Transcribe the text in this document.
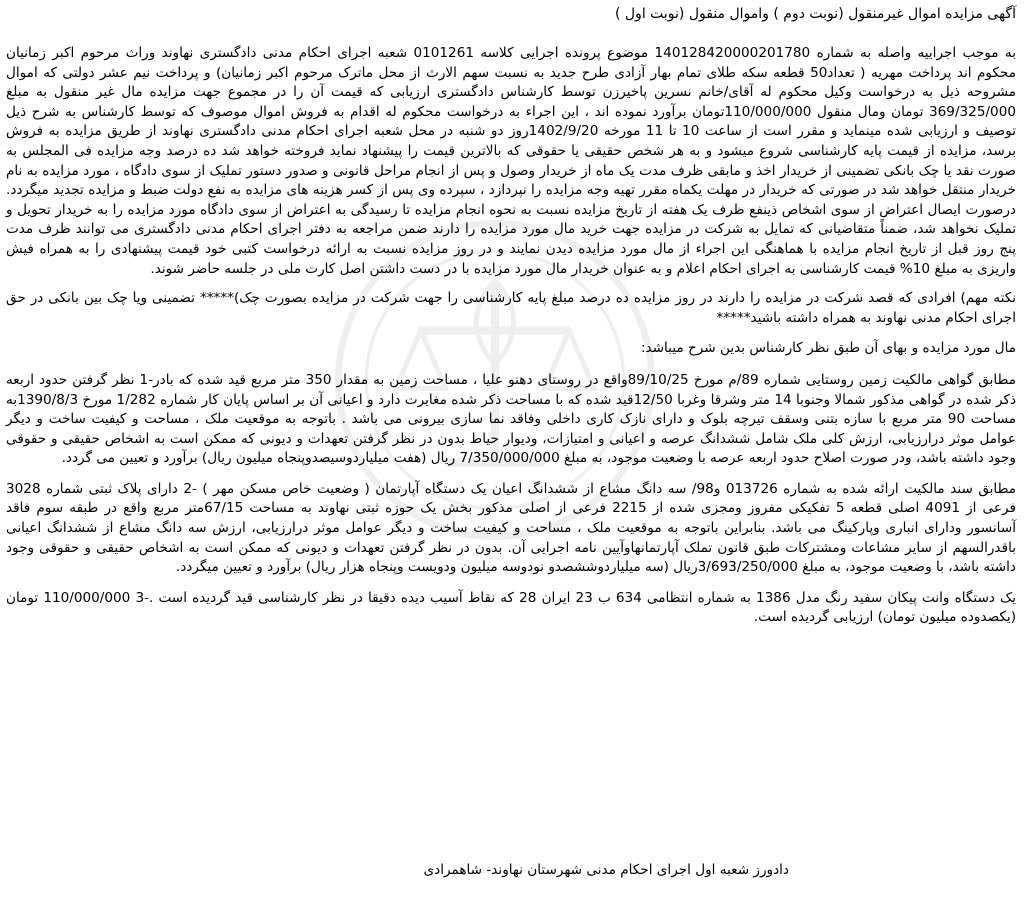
آگهی مزایده اموال غیرمنقول (نوبت دوم ) واموال منقول (نوبت اول )

به موجب اجراییه واصله به شماره 140128420000201780 موضوع پرونده اجرایی کلاسه 0101261 شعبه اجرای احکام مدنی دادگستری نهاوند وراث مرحوم اکبر زمانیان محکوم اند پرداخت مهریه ( تعداد50 قطعه سکه طلای تمام بهار آزادی طرح جدید به نسبت سهم الارث از محل ماترک مرحوم اکبر زمانیان) و پرداخت نیم عشر دولتی که اموال مشروحه ذیل به درخواست وکیل محکوم له آقای/خانم نسرین پاخیرزن توسط کارشناس دادگستری ارزیابی که قیمت آن را در مجموع جهت مزایده مال غیر منقول به مبلغ 369/325/000 تومان ومال منقول 110/000/000تومان برآورد نموده اند ، این اجراء به درخواست محکوم له اقدام به فروش اموال موصوف که توسط کارشناس به شرح ذیل توصیف و ارزیابی شده مینماید و مقرر است از ساعت 10 تا 11 مورخه 1402/9/20روز دو شنبه در محل شعبه اجرای احکام مدنی دادگستری نهاوند از طریق مزایده به فروش برسد، مزایده از قیمت پایه کارشناسی شروع میشود و به هر شخص حقیقی یا حقوقی که بالاترین قیمت را پیشنهاد نماید فروخته خواهد شد ده درصد وجه مزایده فی المجلس به صورت نقد یا چک بانکی تضمینی از خریدار اخذ و مابقی ظرف مدت یک ماه از خریدار وصول و پس از انجام مراحل قانونی و صدور دستور تملیک از سوی دادگاه ، مورد مزایده به نام خریدار منتقل خواهد شد در صورتی که خریدار در مهلت یکماه مقرر تهیه وجه مزایده را نپردازد ، سپرده وی پس از کسر هزینه های مزایده به نفع دولت ضبط و مزایده تجدید میگردد. درصورت ایصال اعتراض از سوی اشخاص ذینفع ظرف یک هفته از تاریخ مزایده نسبت به نحوه انجام مزایده تا رسیدگی به اعتراض از سوی دادگاه مورد مزایده را به خریدار تحویل و تملیک نخواهد شد، ضمناً متقاضیانی که تمایل به شرکت در مزایده جهت خرید مال مورد مزایده را دارند ضمن مراجعه به دفتر اجرای احکام مدنی دادگستری می توانند ظرف مدت پنج روز قبل از تاریخ انجام مزایده با هماهنگی این اجراء از مال مورد مزایده دیدن نمایند و در روز مزایده نسبت به ارائه درخواست کتبی خود قیمت پیشنهادی را به همراه فیش واریزی به مبلغ 10% قیمت کارشناسی به اجرای احکام اعلام و به عنوان خریدار مال مورد مزایده با در دست داشتن اصل کارت ملی در جلسه حاضر شوند.

نکته مهم) افرادی که قصد شرکت در مزایده را دارند در روز مزایده ده درصد مبلغ پایه کارشناسی را جهت شرکت در مزایده بصورت چک)***** تضمینی ویا چک بین بانکی در حق اجرای احکام مدنی نهاوند به همراه داشته باشید*****

مال مورد مزایده و بهای آن طبق نظر کارشناس بدین شرح میباشد:

مطابق گواهی مالکیت زمین روستایی شماره 89/م مورخ 89/10/25واقع در روستای دهنو علیا ، مساحت زمین به مقدار 350 متر مربع قید شده که بادر-1 نظر گرفتن حدود اربعه ذکر شده در گواهی مذکور شمالا وجنوبا 14 متر وشرقا وغربا 12/50قید شده که با مساحت ذکر شده مغایرت دارد و اعیانی آن بر اساس پایان کار شماره 1/282 مورخ 1390/8/3به مساحت 90 متر مربع با سازه بتنی وسقف تیرچه بلوک و دارای نازک کاری داخلی وفاقد نما سازی بیرونی می باشد . باتوجه به موقعیت ملک ، مساحت و کیفیت ساخت و دیگر عوامل موثر درارزیابی، ارزش کلی ملک شامل ششدانگ عرصه و اعیانی و امتیازات، ودیوار حیاط بدون در نظر گرفتن تعهدات و دیونی که ممکن است به اشخاص حقیقی و حقوقی وجود داشته باشد، ودر صورت اصلاح حدود اربعه عرصه با وضعیت موجود، به مبلغ 7/350/000/000 ریال (هفت میلیاردوسیصدوپنجاه میلیون ریال) برآورد و تعیین می گردد.

مطابق سند مالکیت ارائه شده به شماره 013726 و98/ سه دانگ مشاع از ششدانگ اعیان یک دستگاه آپارتمان ( وضعیت خاص مسکن مهر ) -2 دارای پلاک ثبتی شماره 3028 فرعی از 4091 اصلی قطعه 5 تفکیکی مفروز ومجزی شده از 2215 فرعی از اصلی مذکور بخش یک حوزه ثبتی نهاوند به مساحت 67/15متر مربع واقع در طبقه سوم فاقد آسانسور ودارای انباری وپارکینگ می باشد. بنابراین باتوجه به موقعیت ملک ، مساحت و کیفیت ساخت و دیگر عوامل موثر درارزیابی، ارزش سه دانگ مشاع از ششدانگ اعیانی باقدرالسهم از سایر مشاعات ومشترکات طبق قانون تملک آپارتمانهاوآیین نامه اجرایی آن. بدون در نظر گرفتن تعهدات و دیونی که ممکن است به اشخاص حقیقی و حقوقی وجود داشته باشد، با وضعیت موجود، به مبلغ 3/693/250/000ریال (سه میلیاردوششصدو نودوسه میلیون ودویست وپنجاه هزار ریال) برآورد و تعیین میگردد.

یک دستگاه وانت پیکان سفید رنگ مدل 1386 به شماره انتظامی 634 ب 23 ایران 28 که نقاط آسیب دیده دقیقا در نظر کارشناسی قید گردیده است .-3 110/000/000 تومان (یکصدوده میلیون تومان) ارزیابی گردیده است.

دادورز شعبه اول اجرای احکام مدنی شهرستان نهاوند- شاهمرادی
